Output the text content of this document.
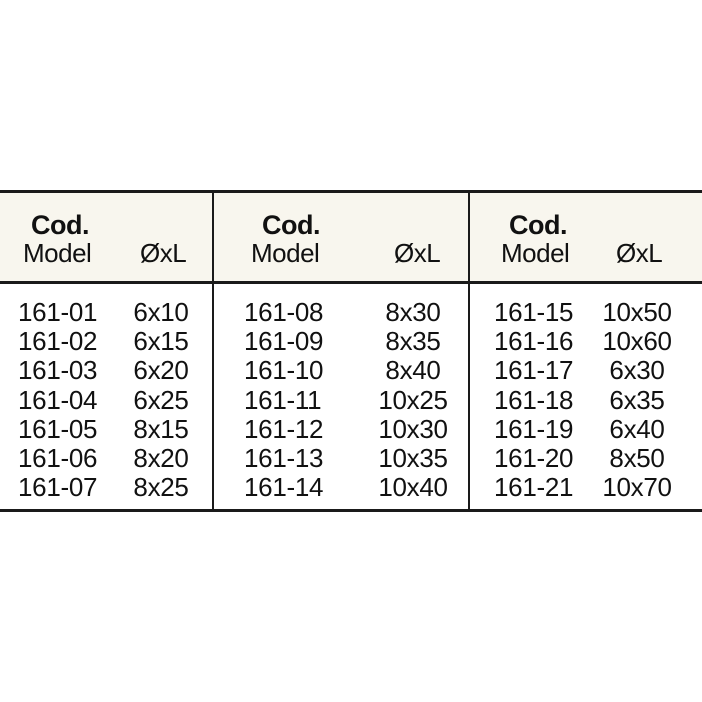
Cod.
Model ØxL
161-01 6x10
161-02 6x15
161-03 6x20
161-04 6x25
161-05 8x15
161-06 8x20
161-07 8x25
Cod.
Model	ØxL
161-08	8x30
161-09	8x35
161-10	8x40
161-11 10x25
161-12 10x30
161-13 10x35
161-14 10x40
Cod.
Model ØxL
161-15 10x50
161-16 10x60
161-17	6x30
161-18	6x35
161-19	6x40
161-20	8x50
161-21 10x70
